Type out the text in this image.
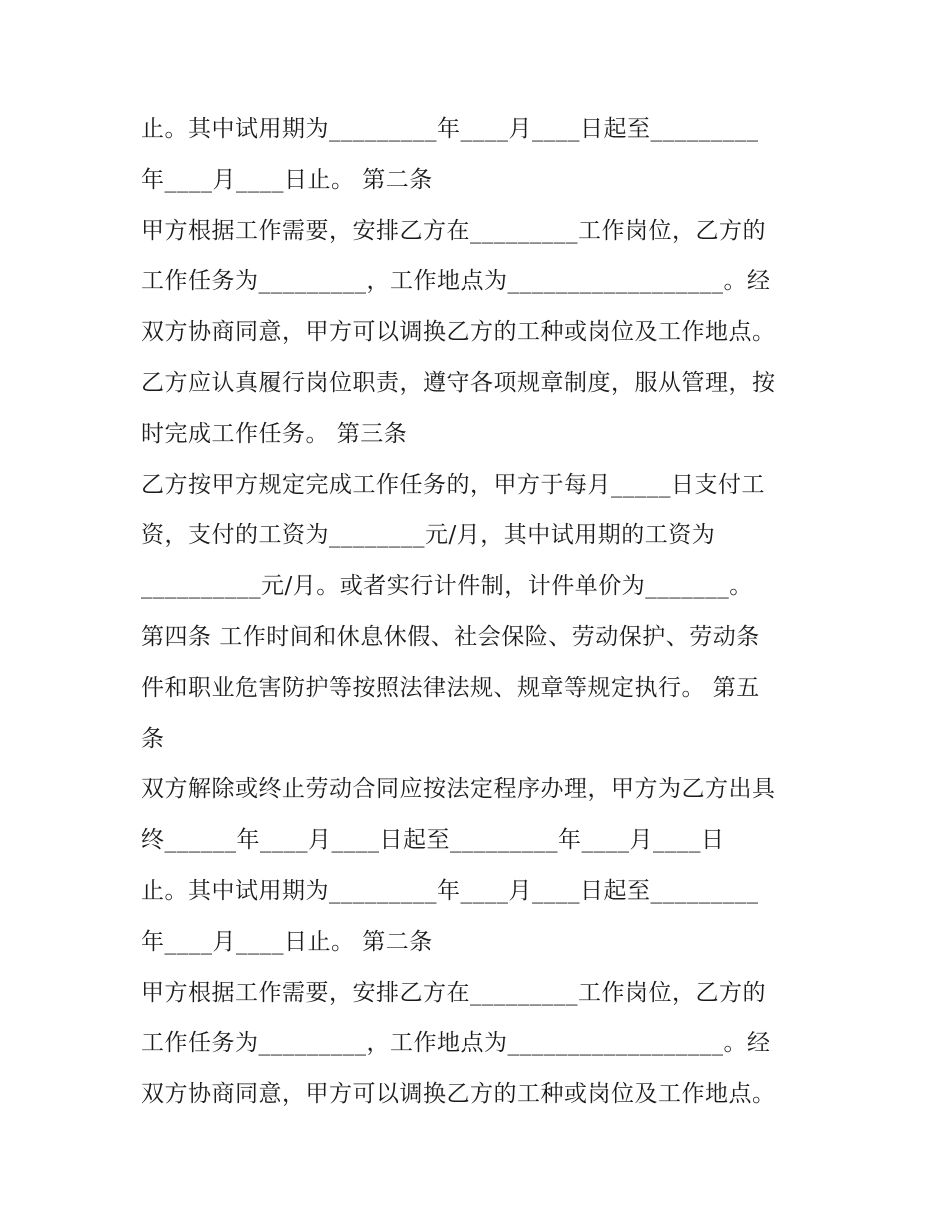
止。其中试用期为_________年____月____日起至_________
年____月____日止。 第二条
甲方根据工作需要，安排乙方在_________工作岗位，乙方的
工作任务为_________，工作地点为__________________。经
双方协商同意，甲方可以调换乙方的工种或岗位及工作地点。
乙方应认真履行岗位职责，遵守各项规章制度，服从管理，按
时完成工作任务。 第三条
乙方按甲方规定完成工作任务的，甲方于每月_____日支付工
资，支付的工资为________元/月，其中试用期的工资为
__________元/月。或者实行计件制，计件单价为_______。
第四条 工作时间和休息休假、社会保险、劳动保护、劳动条
件和职业危害防护等按照法律法规、规章等规定执行。 第五
条
双方解除或终止劳动合同应按法定程序办理，甲方为乙方出具
终______年____月____日起至_________年____月____日
止。其中试用期为_________年____月____日起至_________
年____月____日止。 第二条
甲方根据工作需要，安排乙方在_________工作岗位，乙方的
工作任务为_________，工作地点为__________________。经
双方协商同意，甲方可以调换乙方的工种或岗位及工作地点。
